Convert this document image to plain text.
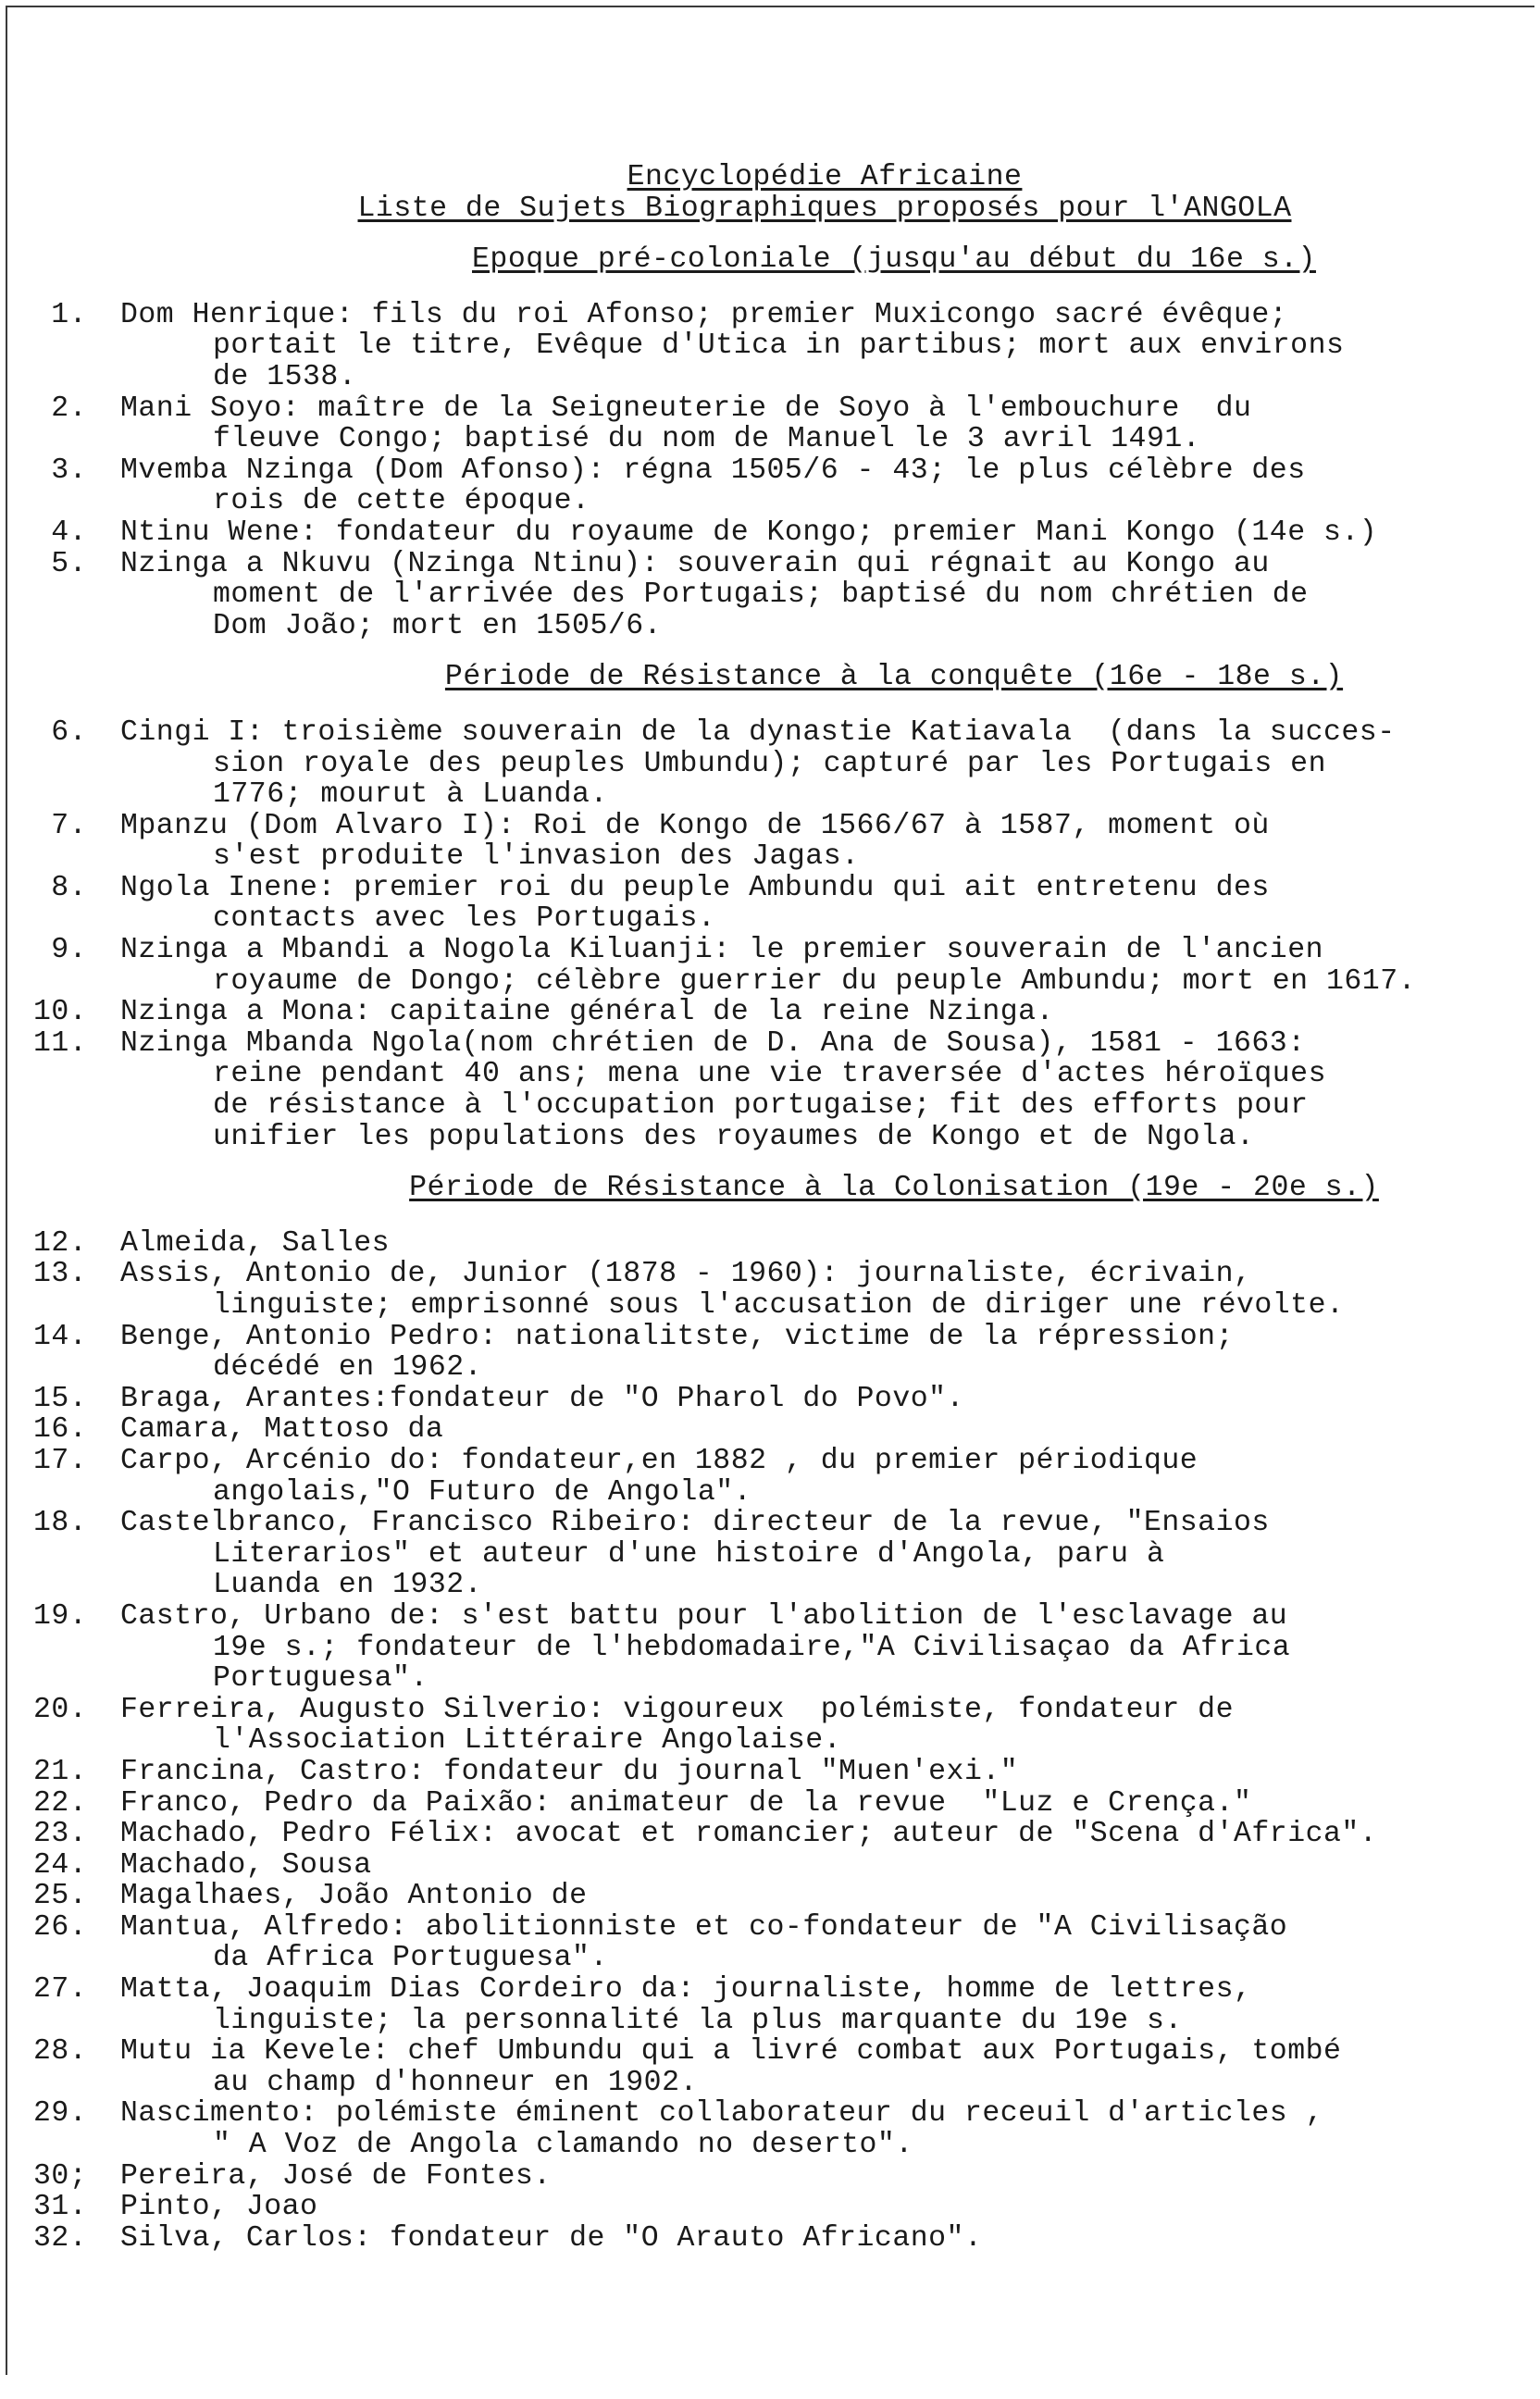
Encyclopédie Africaine
Liste de Sujets Biographiques proposés pour l'ANGOLA
Epoque pré-coloniale (jusqu'au début du 16e s.)
1.	Dom Henrique: fils du roi Afonso; premier Muxicongo sacré évêque;
portait le titre, Evêque d'Utica in partibus; mort aux environs
de 1538.
2.	Mani Soyo: maître de la Seigneuterie de Soyo à l'embouchure  du
fleuve Congo; baptisé du nom de Manuel le 3 avril 1491.
3.	Mvemba Nzinga (Dom Afonso): régna 1505/6 - 43; le plus célèbre des
rois de cette époque.
4.	Ntinu Wene: fondateur du royaume de Kongo; premier Mani Kongo (14e s.)
5.	Nzinga a Nkuvu (Nzinga Ntinu): souverain qui régnait au Kongo au
moment de l'arrivée des Portugais; baptisé du nom chrétien de
Dom João; mort en 1505/6.
Période de Résistance à la conquête (16e - 18e s.)
6.	Cingi I: troisième souverain de la dynastie Katiavala  (dans la succes-
sion royale des peuples Umbundu); capturé par les Portugais en
1776; mourut à Luanda.
7.	Mpanzu (Dom Alvaro I): Roi de Kongo de 1566/67 à 1587, moment où
s'est produite l'invasion des Jagas.
8.	Ngola Inene: premier roi du peuple Ambundu qui ait entretenu des
contacts avec les Portugais.
9.	Nzinga a Mbandi a Nogola Kiluanji: le premier souverain de l'ancien
royaume de Dongo; célèbre guerrier du peuple Ambundu; mort en 1617.
10.	Nzinga a Mona: capitaine général de la reine Nzinga.
11.	Nzinga Mbanda Ngola(nom chrétien de D. Ana de Sousa), 1581 - 1663:
reine pendant 40 ans; mena une vie traversée d'actes héroïques
de résistance à l'occupation portugaise; fit des efforts pour
unifier les populations des royaumes de Kongo et de Ngola.
Période de Résistance à la Colonisation (19e - 20e s.)
12.	Almeida, Salles
13.	Assis, Antonio de, Junior (1878 - 1960): journaliste, écrivain,
linguiste; emprisonné sous l'accusation de diriger une révolte.
14.	Benge, Antonio Pedro: nationalitste, victime de la répression;
décédé en 1962.
15.	Braga, Arantes:fondateur de "O Pharol do Povo".
16.	Camara, Mattoso da
17.	Carpo, Arcénio do: fondateur,en 1882 , du premier périodique
angolais,"O Futuro de Angola".
18.	Castelbranco, Francisco Ribeiro: directeur de la revue, "Ensaios
Literarios" et auteur d'une histoire d'Angola, paru à
Luanda en 1932.
19.	Castro, Urbano de: s'est battu pour l'abolition de l'esclavage au
19e s.; fondateur de l'hebdomadaire,"A Civilisaçao da Africa
Portuguesa".
20.	Ferreira, Augusto Silverio: vigoureux  polémiste, fondateur de
l'Association Littéraire Angolaise.
21.	Francina, Castro: fondateur du journal "Muen'exi."
22.	Franco, Pedro da Paixão: animateur de la revue  "Luz e Crença."
23.	Machado, Pedro Félix: avocat et romancier; auteur de "Scena d'Africa".
24.	Machado, Sousa
25.	Magalhaes, João Antonio de
26.	Mantua, Alfredo: abolitionniste et co-fondateur de "A Civilisação
da Africa Portuguesa".
27.	Matta, Joaquim Dias Cordeiro da: journaliste, homme de lettres,
linguiste; la personnalité la plus marquante du 19e s.
28.	Mutu ia Kevele: chef Umbundu qui a livré combat aux Portugais, tombé
au champ d'honneur en 1902.
29.	Nascimento: polémiste éminent collaborateur du receuil d'articles ,
" A Voz de Angola clamando no deserto".
30;	Pereira, José de Fontes.
31.	Pinto, Joao
32.	Silva, Carlos: fondateur de "O Arauto Africano".
